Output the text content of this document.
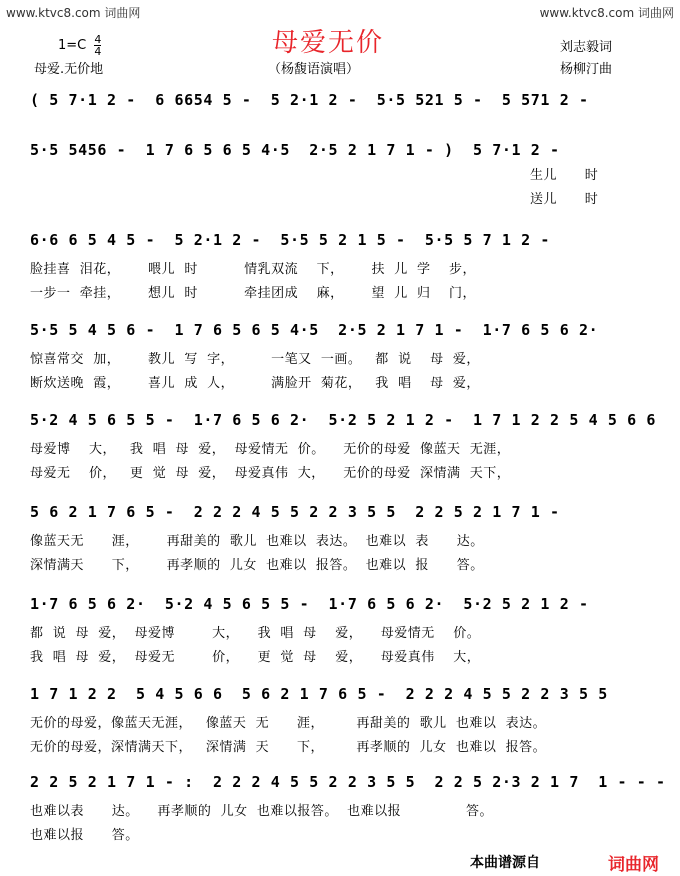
www.ktvc8.com 词曲网	www.ktvc8.com 词曲网
母爱无价
$1=C \frac{4}{4}$
母爱.无价地	（杨馥语演唱）
刘志毅词
杨柳汀曲
( 5 7·1 2 -  6 6654 5 -  5 2·1 2 -  5·5 521 5 -  5 571 2 -
5·5 5456 -  1 7 6 5 6 5 4·5  2·5 2 1 7 1 - )  5 7·1 2 -
生儿      时
送儿      时
6·6 6 5 4 5 -  5 2·1 2 -  5·5 5 2 1 5 -  5·5 5 7 1 2 -
脸挂喜  泪花，      喂儿  时          情乳双流    下，      扶  儿  学    步，
一步一  牵挂，      想儿  时          牵挂团成    麻，      望  儿  归    门，
5·5 5 4 5 6 -  1 7 6 5 6 5 4·5  2·5 2 1 7 1 -  1·7 6 5 6 2·
惊喜常交  加，      教儿  写  字，        一笔又  一画。   都  说    母  爱，
断炊送晚  霞，      喜儿  成  人，        满脸开  菊花，   我  唱    母  爱，
5·2 4 5 6 5 5 -  1·7 6 5 6 2·  5·2 5 2 1 2 -  1 7 1 2 2 5 4 5 6 6
母爱博    大，   我  唱  母  爱，  母爱情无  价。    无价的母爱  像蓝天  无涯，
母爱无    价，   更  觉  母  爱，  母爱真伟  大，    无价的母爱  深情满  天下，
5 6 2 1 7 6 5 -  2 2 2 4 5 5 2 2 3 5 5  2 2 5 2 1 7 1 -
像蓝天无      涯，      再甜美的  歌儿  也难以  表达。  也难以  表      达。
深情满天      下，      再孝顺的  儿女  也难以  报答。  也难以  报      答。
1·7 6 5 6 2·  5·2 4 5 6 5 5 -  1·7 6 5 6 2·  5·2 5 2 1 2 -
都  说  母  爱，  母爱博        大，    我  唱  母    爱，    母爱情无    价。
我  唱  母  爱，  母爱无        价，    更  觉  母    爱，    母爱真伟    大，
1 7 1 2 2  5 4 5 6 6  5 6 2 1 7 6 5 -  2 2 2 4 5 5 2 2 3 5 5
无价的母爱，像蓝天无涯，   像蓝天  无      涯，       再甜美的  歌儿  也难以  表达。
无价的母爱，深情满天下，   深情满  天      下，       再孝顺的  儿女  也难以  报答。
2 2 5 2 1 7 1 - :  2 2 2 4 5 5 2 2 3 5 5  2 2 5 2·3 2 1 7  1 - - -
也难以表      达。    再孝顺的  儿女  也难以报答。  也难以报              答。
也难以报      答。
本曲谱源自	词曲网
